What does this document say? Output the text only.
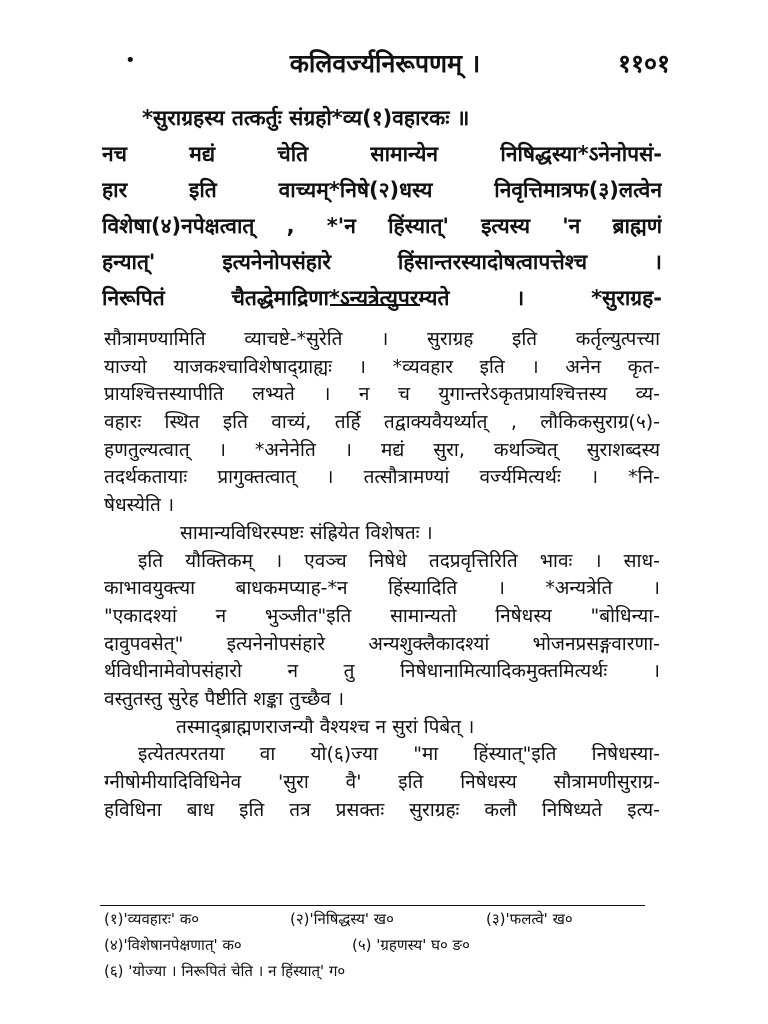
•	कलिवर्ज्यनिरूपणम् ।	११०१
*सुराग्रहस्य तत्कर्तुः संग्रहो*व्य(१)वहारकः ॥
नच मद्यं चेति सामान्येन निषिद्धस्या*ऽनेनोपसं-
हार इति वाच्यम्*निषे(२)धस्य निवृत्तिमात्रफ(३)लत्वेन
विशेषा(४)नपेक्षत्वात् , *'न हिंस्यात्' इत्यस्य 'न ब्राह्मणं
हन्यात्' इत्यनेनोपसंहारे हिंसान्तरस्यादोषत्वापत्तेश्च ।
निरूपितं चैतद्धेमाद्रिणा*ऽन्यत्रेत्युपरम्यते । *सुराग्रह-
सौत्रामण्यामिति व्याचष्टे-*सुरेति । सुराग्रह इति कर्तृल्युत्पत्त्या
याज्यो याजकश्चाविशेषाद्ग्राह्यः । *व्यवहार इति । अनेन कृत-
प्रायश्चित्तस्यापीति लभ्यते । न च युगान्तरेऽकृतप्रायश्चित्तस्य व्य-
वहारः स्थित इति वाच्यं, तर्हि तद्वाक्यवैयर्थ्यात् , लौकिकसुराग्र(५)-
हणतुल्यत्वात् । *अनेनेति । मद्यं सुरा, कथञ्चित् सुराशब्दस्य
तदर्थकतायाः प्रागुक्तत्वात् । तत्सौत्रामण्यां वर्ज्यमित्यर्थः । *नि-
षेधस्येति ।
सामान्यविधिरस्पष्टः संह्रियेत विशेषतः ।
इति यौक्तिकम् । एवञ्च निषेधे तदप्रवृत्तिरिति भावः । साध-
काभावयुक्त्या बाधकमप्याह-*न हिंस्यादिति । *अन्यत्रेति ।
"एकादश्यां न भुञ्जीत"इति सामान्यतो निषेधस्य "बोधिन्या-
दावुपवसेत्" इत्यनेनोपसंहारे अन्यशुक्लैकादश्यां भोजनप्रसङ्गवारणा-
र्थविधीनामेवोपसंहारो न तु निषेधानामित्यादिकमुक्तमित्यर्थः ।
वस्तुतस्तु सुरेह पैष्टीति शङ्का तुच्छैव ।
तस्माद्ब्राह्मणराजन्यौ वैश्यश्च न सुरां पिबेत् ।
इत्येतत्परतया वा यो(६)ज्या "मा हिंस्यात्"इति निषेधस्या-
ग्नीषोमीयादिविधिनेव 'सुरा वै' इति निषेधस्य सौत्रामणीसुराग्र-
हविधिना बाध इति तत्र प्रसक्तः सुराग्रहः कलौ निषिध्यते इत्य-
(१)'व्यवहारः' क०	(२)'निषिद्धस्य' ख०	(३)'फलत्वे' ख०
(४)'विशेषानपेक्षणात्' क०	(५) 'ग्रहणस्य' घ० ङ०
(६) 'योज्या । निरूपितं चेति । न हिंस्यात्' ग०
